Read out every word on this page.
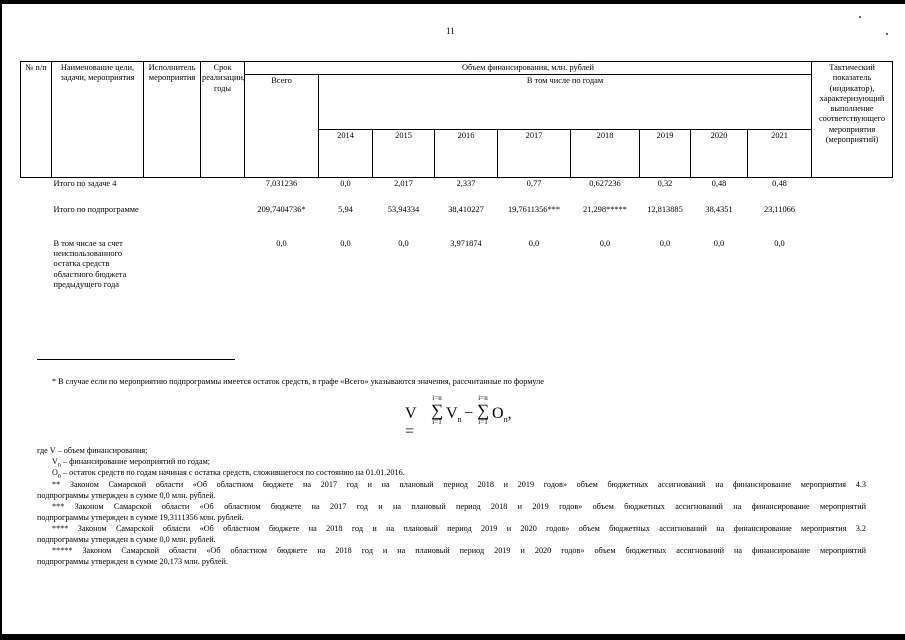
11
№ п/п	Наименование цели, задачи, мероприятия	Исполнитель мероприятия	Срок реализации, годы	Объем финансирования, млн. рублей									Тактический показатель (индикатор), характеризующий выполнение соответствующего мероприятия (мероприятий)
				Всего	В том числе по годам								
					2014	2015	2016	2017	2018	2019	2020	2021	
	Итого по задаче 4			7,031236	0,0	2,017	2,337	0,77	0,627236	0,32	0,48	0,48	
	Итого по подпрограмме			209,7404736*	5,94	53,94334	38,410227	19,7611356***	21,298*****	12,813885	38,4351	23,11066	
	В том числе за счет неиспользованного остатка средств областного бюджета предыдущего года			0,0	0,0	0,0	3,971874	0,0	0,0	0,0	0,0	0,0	
* В случае если по мероприятию подпрограммы имеется остаток средств, в графе «Всего» указываются значения, рассчитанные по формуле
V =
i=n
∑
i=1 $V_n$ −
i=n
∑
i=1 $O_n$,
где V – объем финансирования;
$V_n$ – финансирование мероприятий по годам;
$O_n$ – остаток средств по годам начиная с остатка средств, сложившегося по состоянию на 01.01.2016.
** Законом Самарской области «Об областном бюджете на 2017 год и на плановый период 2018 и 2019 годов» объем бюджетных ассигнований на финансирование мероприятия 4.3
подпрограммы утвержден в сумме 0,0 млн. рублей.
*** Законом Самарской области «Об областном бюджете на 2017 год и на плановый период 2018 и 2019 годов» объем бюджетных ассигнований на финансирование мероприятий
подпрограммы утвержден в сумме 19,3111356 млн. рублей.
**** Законом Самарской области «Об областном бюджете на 2018 год и на плановый период 2019 и 2020 годов» объем бюджетных ассигнований на финансирование мероприятия 3.2
подпрограммы утвержден в сумме 0,0 млн. рублей.
***** Законом Самарской области «Об областном бюджете на 2018 год и на плановый период 2019 и 2020 годов» объем бюджетных ассигнований на финансирование мероприятий
подпрограммы утвержден в сумме 20,173 млн. рублей.
